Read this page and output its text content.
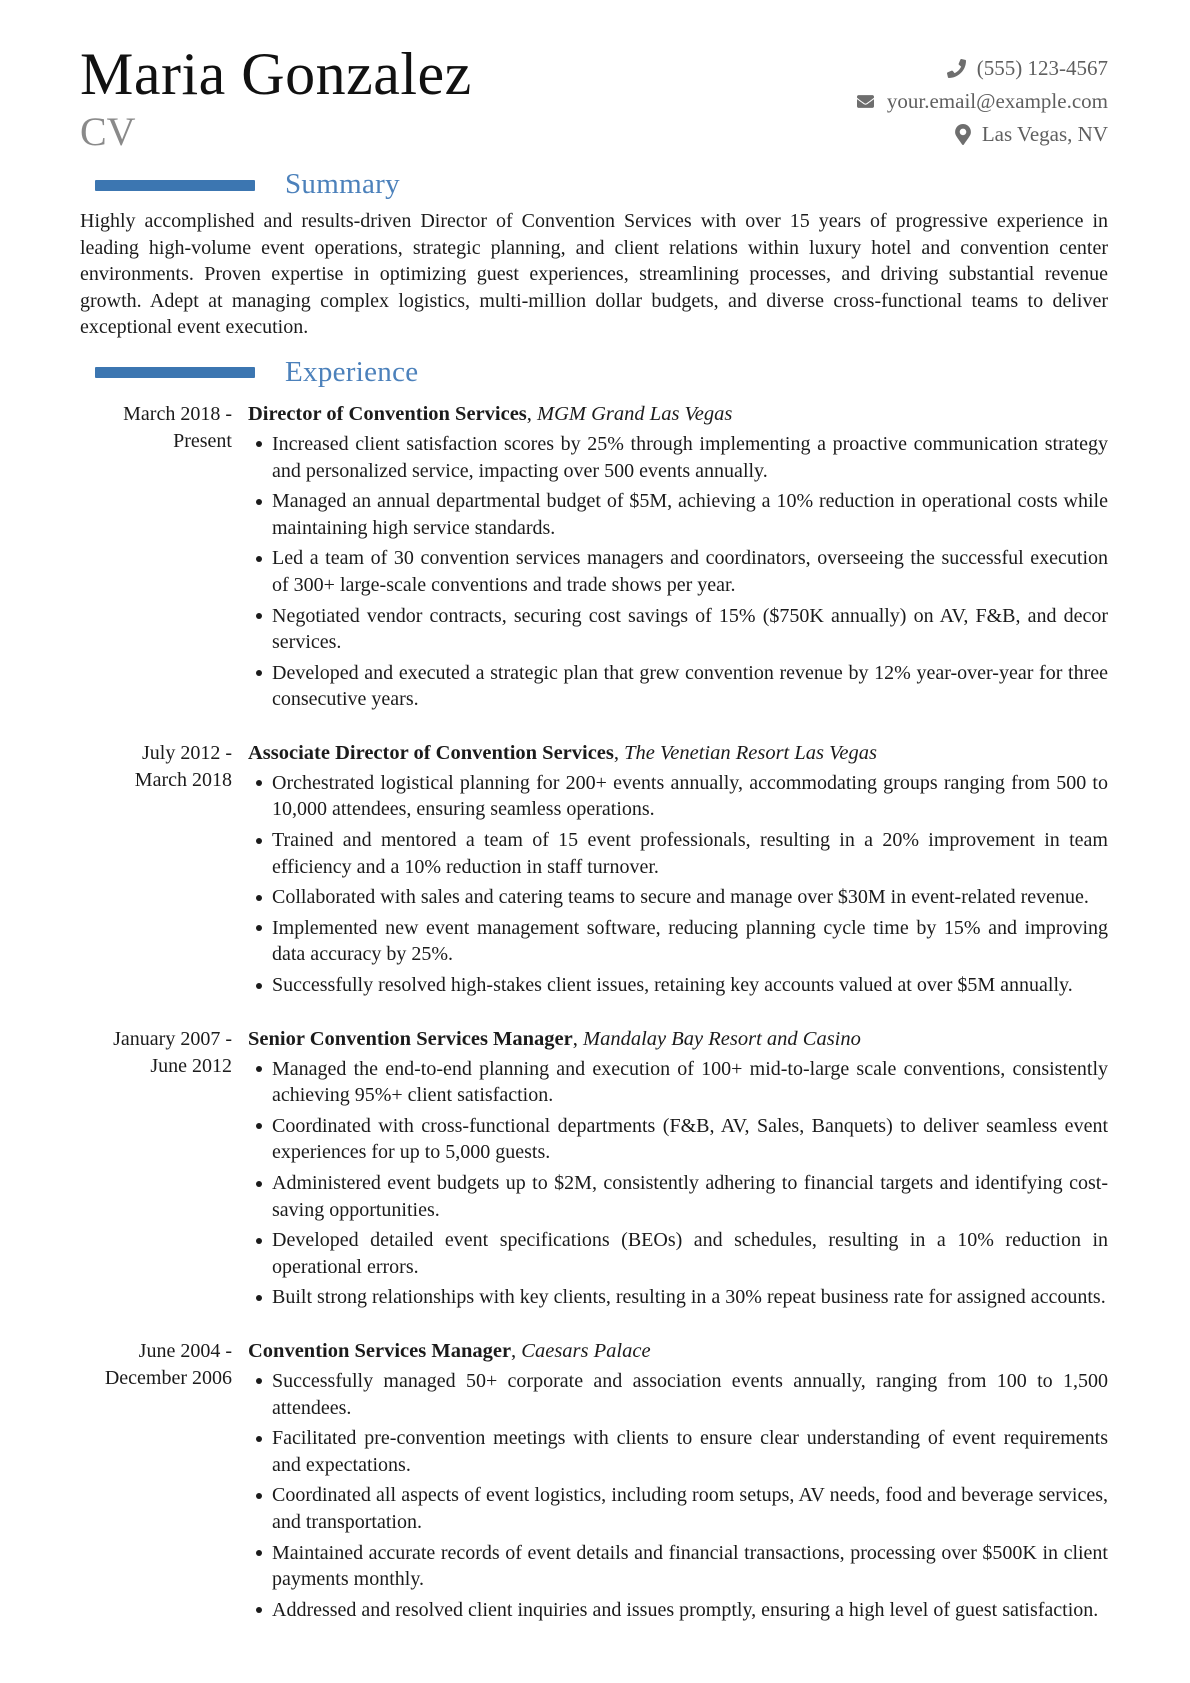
Maria Gonzalez
CV
(555) 123-4567
your.email@example.com
Las Vegas, NV
Summary

Highly accomplished and results-driven Director of Convention Services with over 15 years of progressive experience in leading high-volume event operations, strategic planning, and client relations within luxury hotel and convention center environments. Proven expertise in optimizing guest experiences, streamlining processes, and driving substantial revenue growth. Adept at managing complex logistics, multi-million dollar budgets, and diverse cross-functional teams to deliver exceptional event execution.

Experience
March 2018 -
Present
Director of Convention Services, MGM Grand Las Vegas
Increased client satisfaction scores by 25% through implementing a proactive communication strategy and personalized service, impacting over 500 events annually.
Managed an annual departmental budget of $5M, achieving a 10% reduction in operational costs while maintaining high service standards.
Led a team of 30 convention services managers and coordinators, overseeing the successful execution of 300+ large-scale conventions and trade shows per year.
Negotiated vendor contracts, securing cost savings of 15% ($750K annually) on AV, F&B, and decor services.
Developed and executed a strategic plan that grew convention revenue by 12% year-over-year for three consecutive years.
July 2012 -
March 2018
Associate Director of Convention Services, The Venetian Resort Las Vegas
Orchestrated logistical planning for 200+ events annually, accommodating groups ranging from 500 to 10,000 attendees, ensuring seamless operations.
Trained and mentored a team of 15 event professionals, resulting in a 20% improvement in team efficiency and a 10% reduction in staff turnover.
Collaborated with sales and catering teams to secure and manage over $30M in event-related revenue.
Implemented new event management software, reducing planning cycle time by 15% and improving data accuracy by 25%.
Successfully resolved high-stakes client issues, retaining key accounts valued at over $5M annually.
January 2007 -
June 2012
Senior Convention Services Manager, Mandalay Bay Resort and Casino
Managed the end-to-end planning and execution of 100+ mid-to-large scale conventions, consistently achieving 95%+ client satisfaction.
Coordinated with cross-functional departments (F&B, AV, Sales, Banquets) to deliver seamless event experiences for up to 5,000 guests.
Administered event budgets up to $2M, consistently adhering to financial targets and identifying cost-saving opportunities.
Developed detailed event specifications (BEOs) and schedules, resulting in a 10% reduction in operational errors.
Built strong relationships with key clients, resulting in a 30% repeat business rate for assigned accounts.
June 2004 -
December 2006
Convention Services Manager, Caesars Palace
Successfully managed 50+ corporate and association events annually, ranging from 100 to 1,500 attendees.
Facilitated pre-convention meetings with clients to ensure clear understanding of event requirements and expectations.
Coordinated all aspects of event logistics, including room setups, AV needs, food and beverage services, and transportation.
Maintained accurate records of event details and financial transactions, processing over $500K in client payments monthly.
Addressed and resolved client inquiries and issues promptly, ensuring a high level of guest satisfaction.
